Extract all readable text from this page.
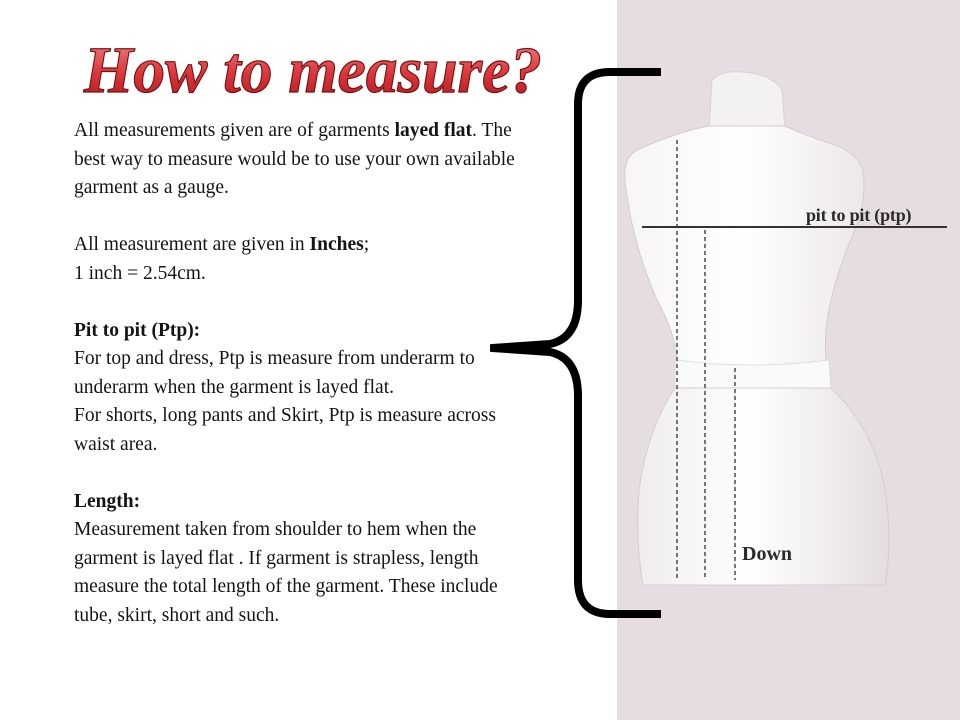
How to measure?

All measurements given are of garments layed flat. The best way to measure would be to use your own available garment as a gauge.

All measurement are given in Inches;

1 inch = 2.54cm.

Pit to pit (Ptp):

For top and dress, Ptp is measure from underarm to underarm when the garment is layed flat.

For shorts, long pants and Skirt, Ptp is measure across waist area.

Length:

Measurement taken from shoulder to hem when the garment is layed flat . If garment is strapless, length measure the total length of the garment. These include tube, skirt, short and such.

pit to pit (ptp)
Down
